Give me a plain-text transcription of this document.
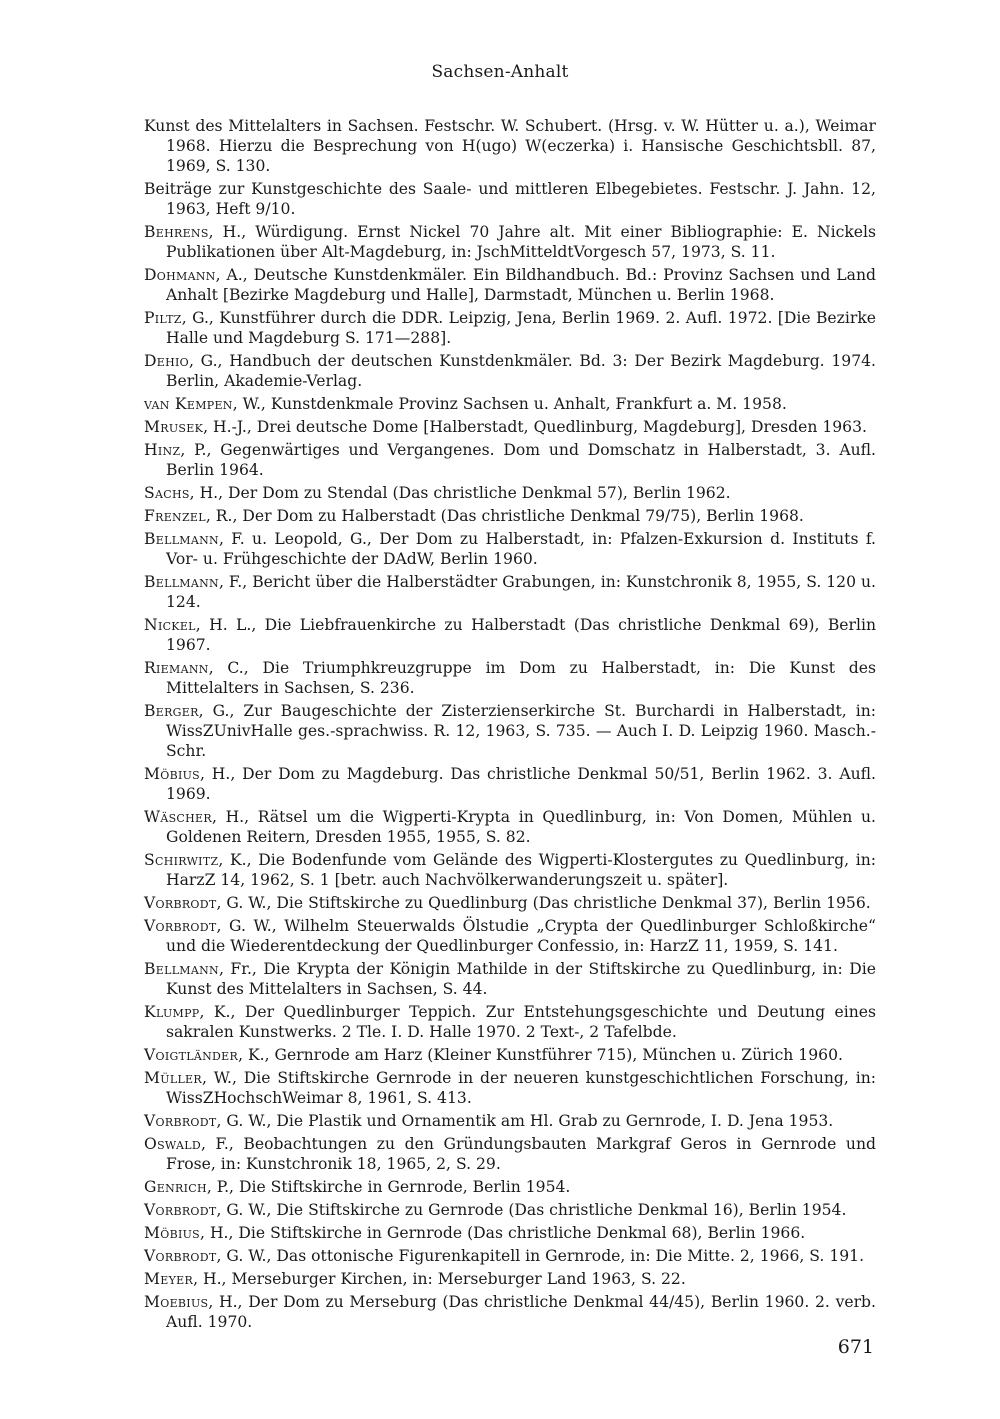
Sachsen-Anhalt

Kunst des Mittelalters in Sachsen. Festschr. W. Schubert. (Hrsg. v. W. Hütter u. a.), Weimar 1968. Hierzu die Besprechung von H(ugo) W(eczerka) i. Hansische Geschichtsbll. 87, 1969, S. 130.

Beiträge zur Kunstgeschichte des Saale- und mittleren Elbegebietes. Festschr. J. Jahn. 12, 1963, Heft 9/10.

Behrens, H., Würdigung. Ernst Nickel 70 Jahre alt. Mit einer Bibliographie: E. Nickels Publikationen über Alt-Magdeburg, in: JschMitteldtVorgesch 57, 1973, S. 11.

Dohmann, A., Deutsche Kunstdenkmäler. Ein Bildhandbuch. Bd.: Provinz Sachsen und Land Anhalt [Bezirke Magdeburg und Halle], Darmstadt, München u. Berlin 1968.

Piltz, G., Kunstführer durch die DDR. Leipzig, Jena, Berlin 1969. 2. Aufl. 1972. [Die Bezirke Halle und Magdeburg S. 171—288].

Dehio, G., Handbuch der deutschen Kunstdenkmäler. Bd. 3: Der Bezirk Magdeburg. 1974. Berlin, Akademie-Verlag.

van Kempen, W., Kunstdenkmale Provinz Sachsen u. Anhalt, Frankfurt a. M. 1958.

Mrusek, H.-J., Drei deutsche Dome [Halberstadt, Quedlinburg, Magdeburg], Dresden 1963.

Hinz, P., Gegenwärtiges und Vergangenes. Dom und Domschatz in Halberstadt, 3. Aufl. Berlin 1964.

Sachs, H., Der Dom zu Stendal (Das christliche Denkmal 57), Berlin 1962.

Frenzel, R., Der Dom zu Halberstadt (Das christliche Denkmal 79/75), Berlin 1968.

Bellmann, F. u. Leopold, G., Der Dom zu Halberstadt, in: Pfalzen-Exkursion d. Instituts f. Vor- u. Frühgeschichte der DAdW, Berlin 1960.

Bellmann, F., Bericht über die Halberstädter Grabungen, in: Kunstchronik 8, 1955, S. 120 u. 124.

Nickel, H. L., Die Liebfrauenkirche zu Halberstadt (Das christliche Denkmal 69), Berlin 1967.

Riemann, C., Die Triumphkreuzgruppe im Dom zu Halberstadt, in: Die Kunst des Mittelalters in Sachsen, S. 236.

Berger, G., Zur Baugeschichte der Zisterzienserkirche St. Burchardi in Halberstadt, in: WissZUnivHalle ges.-sprachwiss. R. 12, 1963, S. 735. — Auch I. D. Leipzig 1960. Masch.-Schr.

Möbius, H., Der Dom zu Magdeburg. Das christliche Denkmal 50/51, Berlin 1962. 3. Aufl. 1969.

Wäscher, H., Rätsel um die Wigperti-Krypta in Quedlinburg, in: Von Domen, Mühlen u. Goldenen Reitern, Dresden 1955, 1955, S. 82.

Schirwitz, K., Die Bodenfunde vom Gelände des Wigperti-Klostergutes zu Quedlinburg, in: HarzZ 14, 1962, S. 1 [betr. auch Nachvölkerwanderungszeit u. später].

Vorbrodt, G. W., Die Stiftskirche zu Quedlinburg (Das christliche Denkmal 37), Berlin 1956.

Vorbrodt, G. W., Wilhelm Steuerwalds Ölstudie „Crypta der Quedlinburger Schloßkirche“ und die Wiederentdeckung der Quedlinburger Confessio, in: HarzZ 11, 1959, S. 141.

Bellmann, Fr., Die Krypta der Königin Mathilde in der Stiftskirche zu Quedlinburg, in: Die Kunst des Mittelalters in Sachsen, S. 44.

Klumpp, K., Der Quedlinburger Teppich. Zur Entstehungsgeschichte und Deutung eines sakralen Kunstwerks. 2 Tle. I. D. Halle 1970. 2 Text-, 2 Tafelbde.

Voigtländer, K., Gernrode am Harz (Kleiner Kunstführer 715), München u. Zürich 1960.

Müller, W., Die Stiftskirche Gernrode in der neueren kunstgeschichtlichen Forschung, in: WissZHochschWeimar 8, 1961, S. 413.

Vorbrodt, G. W., Die Plastik und Ornamentik am Hl. Grab zu Gernrode, I. D. Jena 1953.

Oswald, F., Beobachtungen zu den Gründungsbauten Markgraf Geros in Gernrode und Frose, in: Kunstchronik 18, 1965, 2, S. 29.

Genrich, P., Die Stiftskirche in Gernrode, Berlin 1954.

Vorbrodt, G. W., Die Stiftskirche zu Gernrode (Das christliche Denkmal 16), Berlin 1954.

Möbius, H., Die Stiftskirche in Gernrode (Das christliche Denkmal 68), Berlin 1966.

Vorbrodt, G. W., Das ottonische Figurenkapitell in Gernrode, in: Die Mitte. 2, 1966, S. 191.

Meyer, H., Merseburger Kirchen, in: Merseburger Land 1963, S. 22.

Moebius, H., Der Dom zu Merseburg (Das christliche Denkmal 44/45), Berlin 1960. 2. verb. Aufl. 1970.

671
